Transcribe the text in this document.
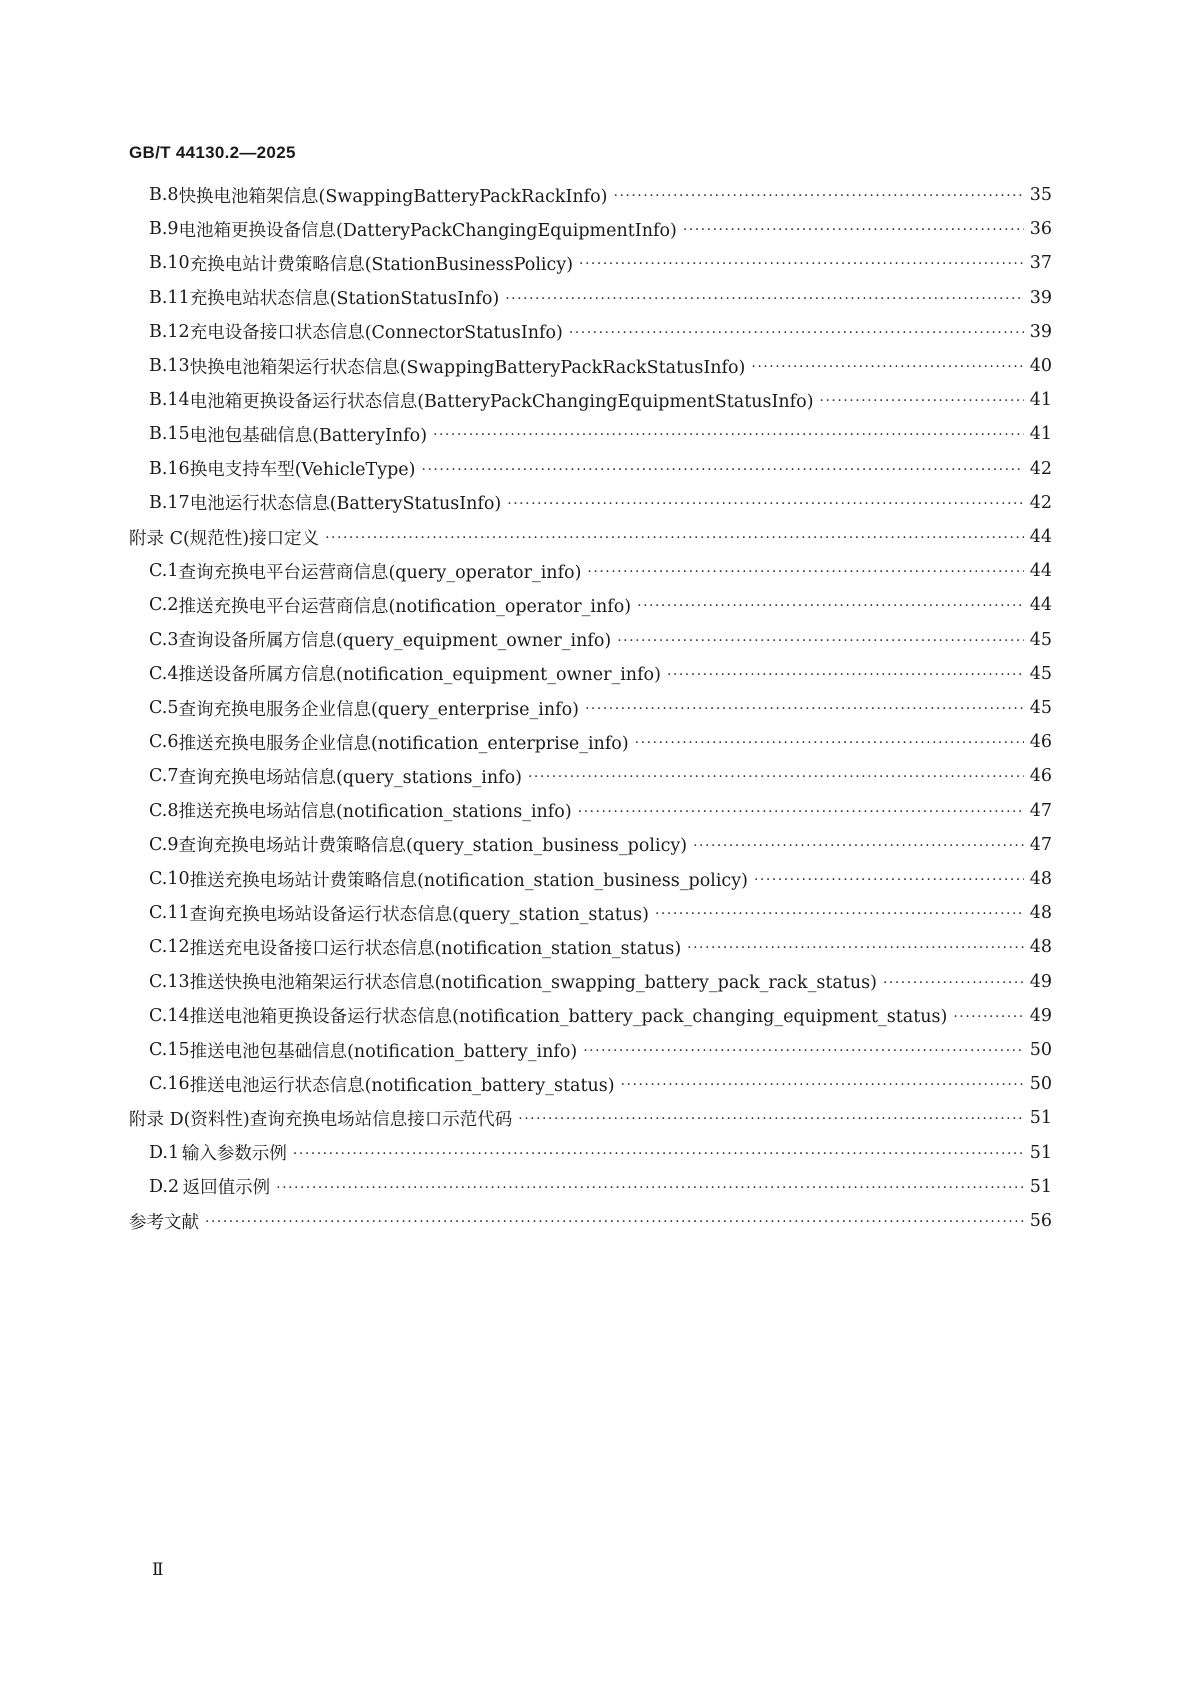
GB/T 44130.2—2025
B.8 快换电池箱架信息(SwappingBatteryPackRackInfo) ·····	35
B.9 电池箱更换设备信息(DatteryPackChangingEquipmentInfo) ·····	36
B.10 充换电站计费策略信息(StationBusinessPolicy) ·····	37
B.11 充换电站状态信息(StationStatusInfo) ·····	39
B.12 充电设备接口状态信息(ConnectorStatusInfo) ·····	39
B.13 快换电池箱架运行状态信息(SwappingBatteryPackRackStatusInfo) ·····	40
B.14 电池箱更换设备运行状态信息(BatteryPackChangingEquipmentStatusInfo) ·····	41
B.15 电池包基础信息(BatteryInfo) ·····	41
B.16 换电支持车型(VehicleType) ·····	42
B.17 电池运行状态信息(BatteryStatusInfo) ·····	42
附录 C(规范性) 接口定义 ·····	44
C.1 查询充换电平台运营商信息(query_operator_info) ·····	44
C.2 推送充换电平台运营商信息(notification_operator_info) ·····	44
C.3 查询设备所属方信息(query_equipment_owner_info) ·····	45
C.4 推送设备所属方信息(notification_equipment_owner_info) ·····	45
C.5 查询充换电服务企业信息(query_enterprise_info) ·····	45
C.6 推送充换电服务企业信息(notification_enterprise_info) ·····	46
C.7 查询充换电场站信息(query_stations_info) ·····	46
C.8 推送充换电场站信息(notification_stations_info) ·····	47
C.9 查询充换电场站计费策略信息(query_station_business_policy) ·····	47
C.10 推送充换电场站计费策略信息(notification_station_business_policy) ·····	48
C.11 查询充换电场站设备运行状态信息(query_station_status) ·····	48
C.12 推送充电设备接口运行状态信息(notification_station_status) ·····	48
C.13 推送快换电池箱架运行状态信息(notification_swapping_battery_pack_rack_status) ·····	49
C.14 推送电池箱更换设备运行状态信息(notification_battery_pack_changing_equipment_status) ·····	49
C.15 推送电池包基础信息(notification_battery_info) ·····	50
C.16 推送电池运行状态信息(notification_battery_status) ·····	50
附录 D(资料性) 查询充换电场站信息接口示范代码 ·····	51
D.1 输入参数示例 ·····	51
D.2 返回值示例 ·····	51
参考文献 ·····	56
Ⅱ
